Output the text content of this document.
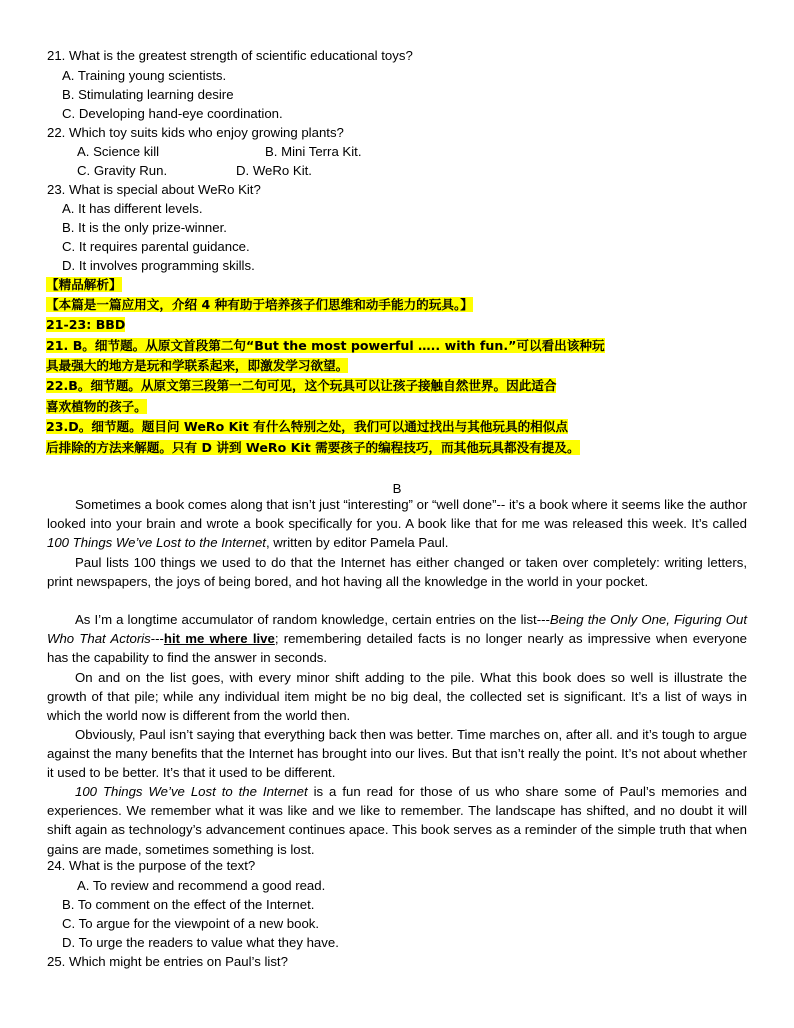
21. What is the greatest strength of scientific educational toys?
A. Training young scientists.
B. Stimulating learning desire
C. Developing hand-eye coordination.
22. Which toy suits kids who enjoy growing plants?
A. Science kill	B. Mini Terra Kit.
C. Gravity Run.	D. WeRo Kit.
23. What is special about WeRo Kit?
A. It has different levels.
B. It is the only prize-winner.
C. It requires parental guidance.
D. It involves programming skills.
【精品解析】
【本篇是一篇应用文，介绍 4 种有助于培养孩子们思维和动手能力的玩具。】
21-23: BBD
21. B。细节题。从原文首段第二句“But the most powerful ….. with fun.”可以看出该种玩
具最强大的地方是玩和学联系起来，即激发学习欲望。
22.B。细节题。从原文第三段第一二句可见，这个玩具可以让孩子接触自然世界。因此适合
喜欢植物的孩子。
23.D。细节题。题目问 WeRo Kit 有什么特别之处，我们可以通过找出与其他玩具的相似点
后排除的方法来解题。只有 D 讲到 WeRo Kit 需要孩子的编程技巧，而其他玩具都没有提及。
B
Sometimes a book comes along that isn’t just “interesting” or “well done”-- it’s a book where it seems like the author looked into your brain and wrote a book specifically for you. A book like that for me was released this week. It’s called 100 Things We’ve Lost to the Internet, written by editor Pamela Paul.
Paul lists 100 things we used to do that the Internet has either changed or taken over completely: writing letters, print newspapers, the joys of being bored, and hot having all the knowledge in the world in your pocket.
As I’m a longtime accumulator of random knowledge, certain entries on the list---Being the Only One, Figuring Out Who That Actoris---hit me where live; remembering detailed facts is no longer nearly as impressive when everyone has the capability to find the answer in seconds.
On and on the list goes, with every minor shift adding to the pile. What this book does so well is illustrate the growth of that pile; while any individual item might be no big deal, the collected set is significant. It’s a list of ways in which the world now is different from the world then.
Obviously, Paul isn’t saying that everything back then was better. Time marches on, after all. and it’s tough to argue against the many benefits that the Internet has brought into our lives. But that isn’t really the point. It’s not about whether it used to be better. It’s that it used to be different.
100 Things We’ve Lost to the Internet is a fun read for those of us who share some of Paul’s memories and experiences. We remember what it was like and we like to remember. The landscape has shifted, and no doubt it will shift again as technology’s advancement continues apace. This book serves as a reminder of the simple truth that when gains are made, sometimes something is lost.
24. What is the purpose of the text?
A. To review and recommend a good read.
B. To comment on the effect of the Internet.
C. To argue for the viewpoint of a new book.
D. To urge the readers to value what they have.
25. Which might be entries on Paul’s list?
